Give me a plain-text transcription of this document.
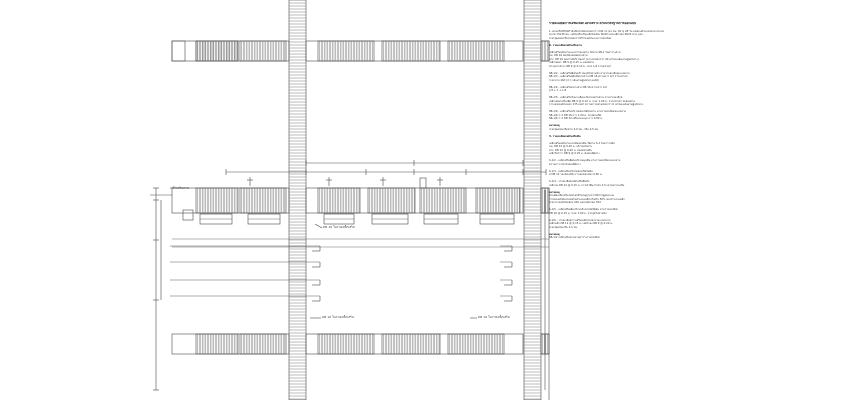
เหล็กเสริมคาน
DB 16 ใบงานเหล็กเสริม
DB 16 ใบงานเหล็กเสริม	DB 16 ใบงานเหล็กเสริม
รายละเอียดการเสริมเหล็กโครงสร้าง ตามมาตรฐานการออกแบบ
1. คอนกรีตที่ใช้มีกำลังอัดประลัยไม่น้อยกว่า 240 กก./ตร.ซม. ที่อายุ 28 วัน ทดสอบด้วยแท่งทรงกระบอก
ขนาด 15x30 ซม. เหล็กเสริมเป็นเหล็กข้ออ้อย SD40 และเหล็กกลม SR24 ตาม มอก.
ระยะหุ้มคอนกรีตไม่น้อยกว่าที่กำหนดในแบบรายละเอียด
2. รายละเอียดเหล็กเสริมคาน
เหล็กเสริมหลักตามแนวยาวของคาน ใช้ตาม SB-1 ในตารางคาน
บน: DB 16 ต่อเนื่องตลอดช่วงคาน
ล่าง: DB 16 ต่อทาบที่บริเวณเสา (ทาบไม่น้อยกว่า 40 เท่าของเส้นผ่านศูนย์กลาง)
เหล็กปลอก: RB 9 @ 0.15 ม. ตลอดช่วง
ช่วงปลายคาน: RB 9 @ 0.10 ม. ระยะ L/4 จากหน้าเสา
SB-1/2 - เหล็กเสริมพิเศษบริเวณจุดรับน้ำหนัก ตามรายละเอียดแบบขยาย
SB-1/3 - เหล็กเสริมเพิ่มที่ปลายคาน DB 16 ความยาว L/3 จากหน้าเสา
ระยะทาบ 40d (d = เส้นผ่านศูนย์กลางเหล็ก)
SB-1/4 - เหล็กเสริมกลางช่วง DB 16 ความยาว L/2
L/3 + 1 + L/3
SB-1/5 - เหล็กเสริมรับแรงเฉือนบริเวณปลายคาน ตามรายละเอียด
เหล็กปลอกเสริมเพิ่ม RB 9 @ 0.10 ม. ระยะ 1.00 ม. จากหน้าเสา ทั้งสองด้าน
การงอขอเหล็กปลอก 135 องศา ความยาวขอไม่น้อยกว่า 6 เท่าของเส้นผ่านศูนย์กลาง
SB-1/6 - เหล็กเสริมบริเวณช่องเปิดในคาน ตามรายละเอียดแบบขยาย
SB-1/6 = 2 DB 16 ยาว 1.20 ม. รอบช่องเปิด
SB-1/6 = 2 DB 12 เสริมทแยงมุม ยาว 0.80 ม.
หมายเหตุ
ระยะหุ้มคอนกรีตคาน 3.0 ซม. / พื้น 2.5 ซม.
3. รายละเอียดเหล็กเสริมพื้น
เหล็กเสริมหลักตามแนวสั้นของพื้น ใช้ตาม S-1 ในตารางพื้น
บน: DB 12 @ 0.20 ม. บริเวณหัวคาน
ล่าง: DB 12 @ 0.20 ม. ตลอดช่วงพื้น
เหล็กกันร้าว: RB 9 @ 0.25 ม. ทั้งสองทิศทาง
S-1/2 - เหล็กเสริมพิเศษบริเวณมุมพื้น ตามรายละเอียดแบบขยาย
ความยาว L/4 ทั้งสองทิศทาง
S-1/3 - เหล็กเสริมบริเวณช่องเปิดในพื้น
2 DB 12 รอบช่องเปิด ยาวเลยขอบช่อง 0.60 ม.
S-1/4 - รายละเอียดเหล็กเสริมพื้นยื่น
เหล็กบน DB 12 @ 0.15 ม. ยาวเข้าพื้นภายใน 1.5 เท่าของระยะยื่น
หมายเหตุ
ห้ามตัดเหล็กเสริมโดยไม่ได้รับอนุญาตจากวิศวกรผู้ออกแบบ
การต่อเหล็กต้องไม่ต่อในตำแหน่งเดียวกันเกิน 50% ของจำนวนเหล็ก
ระยะทาบเหล็กข้ออ้อย 40d และเหล็กกลม 50d
S-1/5 - เหล็กเสริมเพิ่มบริเวณรับน้ำหนักพิเศษ ตามรายละเอียด
DB 16 @ 0.15 ม. ระยะ 1.00 ม. จากจุดรับน้ำหนัก
S-1/6 - รายละเอียดการเสริมเหล็กบันได ตามแบบขยาย
เหล็กหลัก DB 12 @ 0.15 ม. เหล็กรอง RB 9 @ 0.20 ม.
ระยะหุ้มคอนกรีต 2.5 ซม.
หมายเหตุ
SB-1/2 เหล็กเสริมคานตามตารางรายละเอียด
